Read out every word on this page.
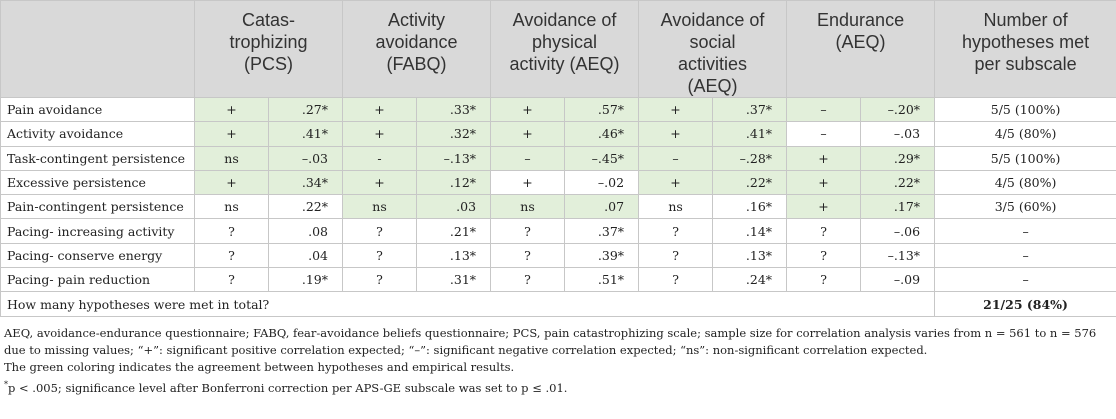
	Catas-
trophizing
(PCS)		Activity
avoidance
(FABQ)		Avoidance of
physical
activity (AEQ)		Avoidance of
social
activities
(AEQ)		Endurance
(AEQ)		Number of
hypotheses met
per subscale
Pain avoidance	+	.27*	+	.33*	+	.57*	+	.37*	–	–.20*	5/5 (100%)
Activity avoidance	+	.41*	+	.32*	+	.46*	+	.41*	–	–.03	4/5 (80%)
Task-contingent persistence	ns	–.03	-	–.13*	–	–.45*	–	–.28*	+	.29*	5/5 (100%)
Excessive persistence	+	.34*	+	.12*	+	–.02	+	.22*	+	.22*	4/5 (80%)
Pain-contingent persistence	ns	.22*	ns	.03	ns	.07	ns	.16*	+	.17*	3/5 (60%)
Pacing- increasing activity	?	.08	?	.21*	?	.37*	?	.14*	?	–.06	–
Pacing- conserve energy	?	.04	?	.13*	?	.39*	?	.13*	?	–.13*	–
Pacing- pain reduction	?	.19*	?	.31*	?	.51*	?	.24*	?	–.09	–
How many hypotheses were met in total?											21/25 (84%)

AEQ, avoidance-endurance questionnaire; FABQ, fear-avoidance beliefs questionnaire; PCS, pain catastrophizing scale; sample size for correlation analysis varies from n = 561 to n = 576 due to missing values; “+”: significant positive correlation expected; “–”: significant negative correlation expected; “ns”: non-significant correlation expected.

The green coloring indicates the agreement between hypotheses and empirical results.

*p < .005; significance level after Bonferroni correction per APS-GE subscale was set to p ≤ .01.
